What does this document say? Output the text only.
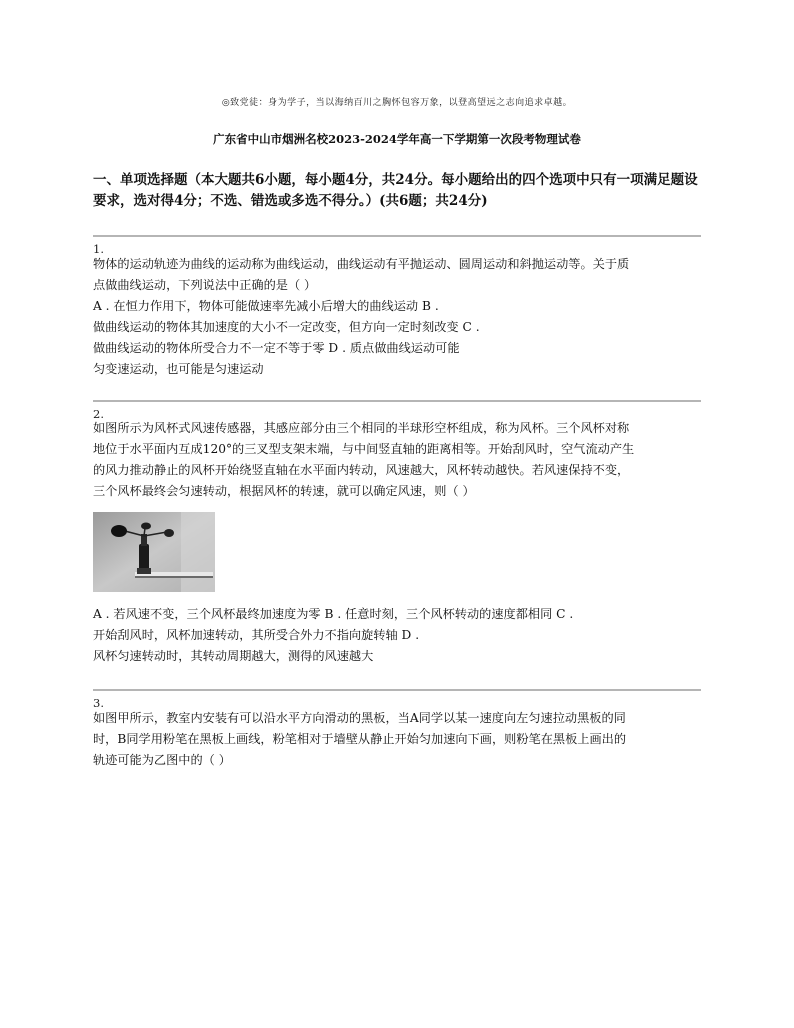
◎致党徒：身为学子，当以海纳百川之胸怀包容万象，以登高望远之志向追求卓越。
广东省中山市烟洲名校2023-2024学年高一下学期第一次段考物理试卷
一、单项选择题（本大题共6小题，每小题4分，共24分。每小题给出的四个选项中只有一项满足题设
要求，选对得4分；不选、错选或多选不得分。）(共6题；共24分)
1.
物体的运动轨迹为曲线的运动称为曲线运动，曲线运动有平抛运动、圆周运动和斜抛运动等。关于质
点做曲线运动，下列说法中正确的是（ ）
A . 在恒力作用下，物体可能做速率先减小后增大的曲线运动 B .
做曲线运动的物体其加速度的大小不一定改变，但方向一定时刻改变 C .
做曲线运动的物体所受合力不一定不等于零 D . 质点做曲线运动可能
匀变速运动，也可能是匀速运动
2.
如图所示为风杯式风速传感器，其感应部分由三个相同的半球形空杯组成，称为风杯。三个风杯对称
地位于水平面内互成120°的三叉型支架末端，与中间竖直轴的距离相等。开始刮风时，空气流动产生
的风力推动静止的风杯开始绕竖直轴在水平面内转动，风速越大，风杯转动越快。若风速保持不变，
三个风杯最终会匀速转动，根据风杯的转速，就可以确定风速，则（ ）
A . 若风速不变，三个风杯最终加速度为零 B . 任意时刻，三个风杯转动的速度都相同 C .
开始刮风时，风杯加速转动，其所受合外力不指向旋转轴 D .
风杯匀速转动时，其转动周期越大，测得的风速越大
3.
如图甲所示，教室内安装有可以沿水平方向滑动的黑板，当A同学以某一速度向左匀速拉动黑板的同
时，B同学用粉笔在黑板上画线，粉笔相对于墙壁从静止开始匀加速向下画，则粉笔在黑板上画出的
轨迹可能为乙图中的（ ）
